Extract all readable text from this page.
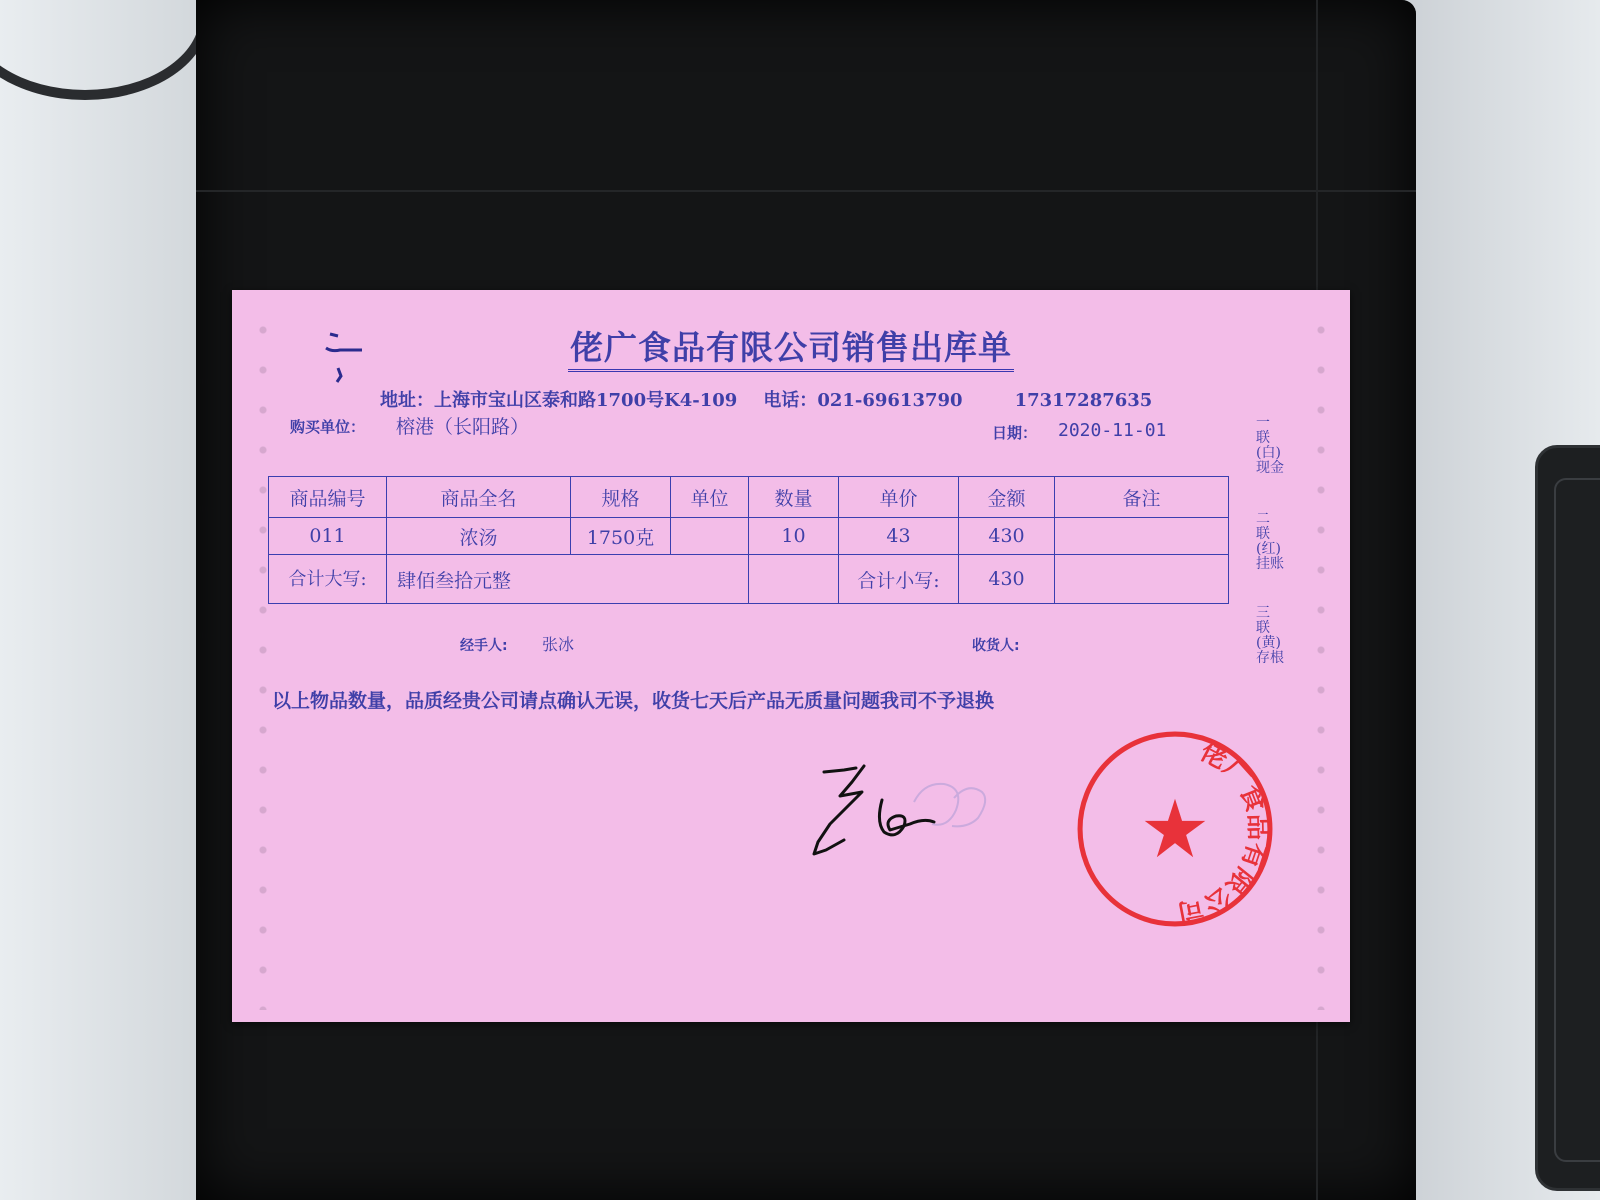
佬广食品有限公司销售出库单
地址：上海市宝山区泰和路1700号K4-109 电话：021-69613790	17317287635
购买单位： 榕港（长阳路）	日期： 2020-11-01	一
联
(白)
现金
二
联
(红)
挂账
三
联
(黄)
存根
商品编号	商品全名	规格	单位	数量	单价	金额	备注
011	浓汤	1750克		10	43	430	
合计大写:	肆佰叁拾元整				合计小写:	430	
经手人: 张冰	收货人:
以上物品数量，品质经贵公司请点确认无误，收货七天后产品无质量问题我司不予退换
佬广食品有限公司
